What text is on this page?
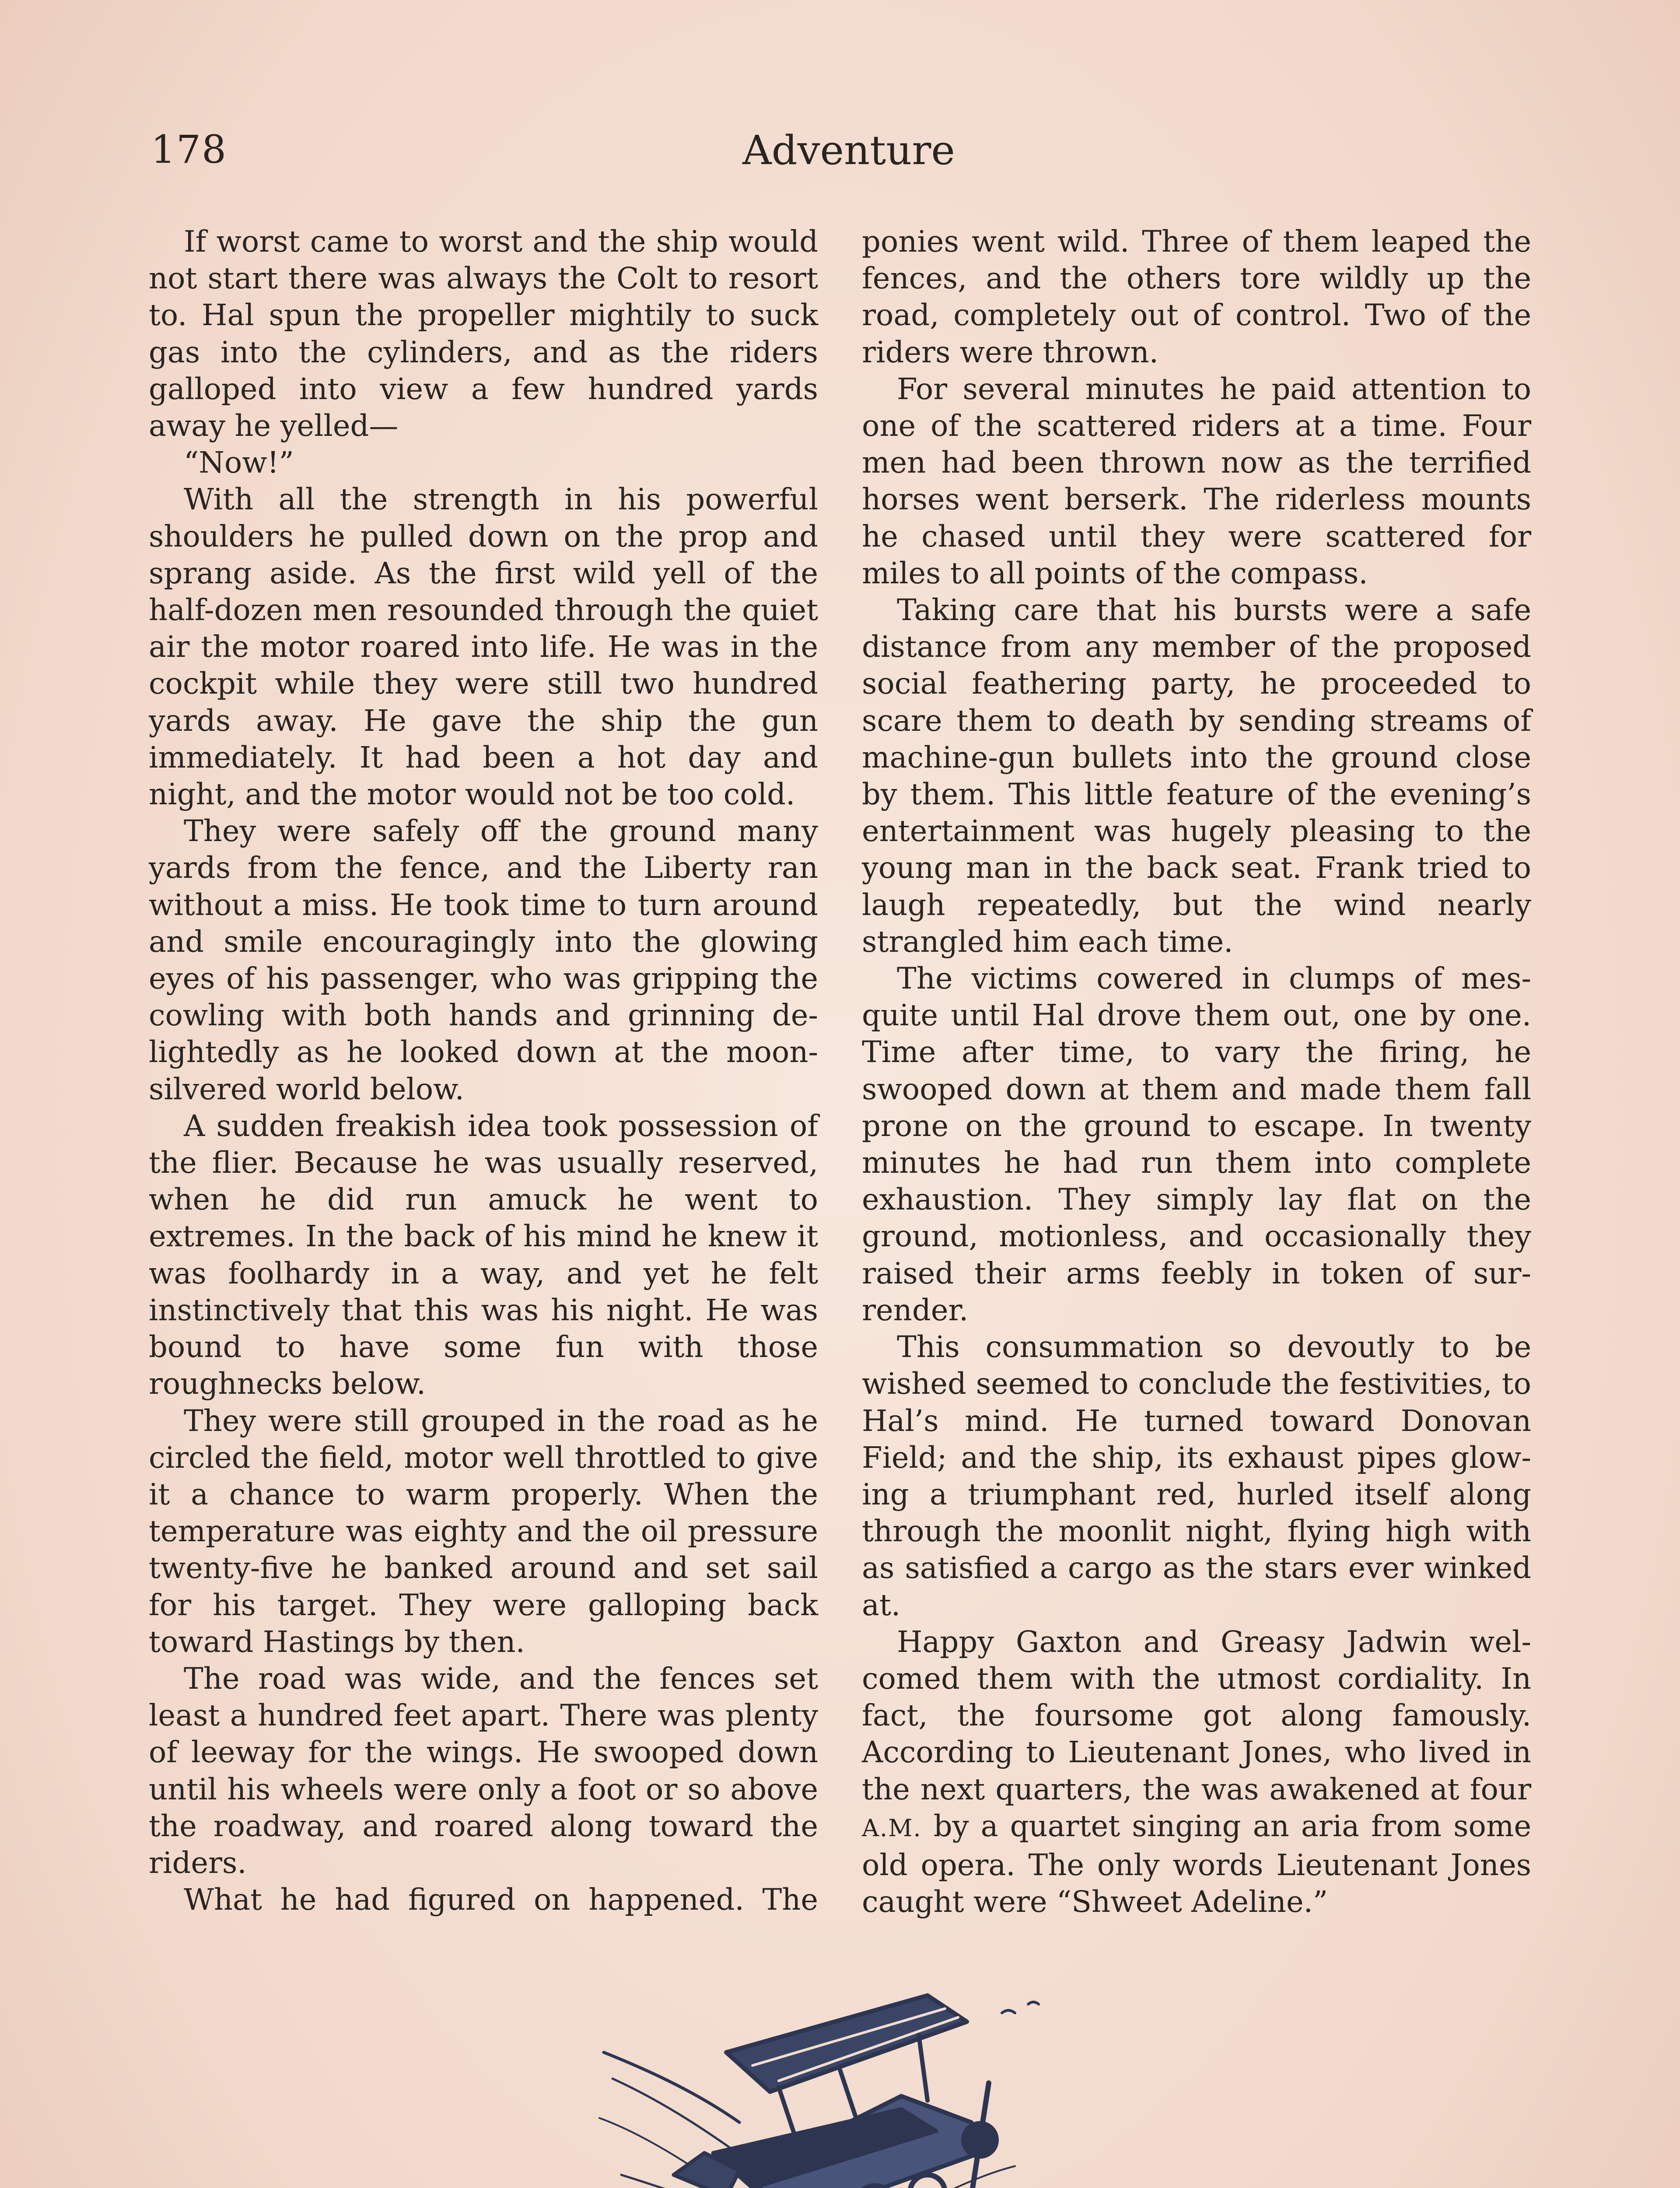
178	Adventure

If worst came to worst and the ship would not start there was always the Colt to resort to. Hal spun the propeller mightily to suck gas into the cylinders, and as the riders galloped into view a few hundred yards away he yelled—

“Now!”

With all the strength in his powerful shoulders he pulled down on the prop and sprang aside. As the first wild yell of the half-dozen men resounded through the quiet air the motor roared into life. He was in the cockpit while they were still two hundred yards away. He gave the ship the gun immediately. It had been a hot day and night, and the motor would not be too cold.

They were safely off the ground many yards from the fence, and the Liberty ran without a miss. He took time to turn around and smile encouragingly into the glowing eyes of his passenger, who was gripping the cowling with both hands and grinning delightedly as he looked down at the moonsilvered world below.

A sudden freakish idea took possession of the flier. Because he was usually reserved, when he did run amuck he went to extremes. In the back of his mind he knew it was foolhardy in a way, and yet he felt instinctively that this was his night. He was bound to have some fun with those roughnecks below.

They were still grouped in the road as he circled the field, motor well throttled to give it a chance to warm properly. When the temperature was eighty and the oil pressure twenty-five he banked around and set sail for his target. They were galloping back toward Hastings by then.

The road was wide, and the fences set least a hundred feet apart. There was plenty of leeway for the wings. He swooped down until his wheels were only a foot or so above the roadway, and roared along toward the riders.

What he had figured on happened. The

ponies went wild. Three of them leaped the fences, and the others tore wildly up the road, completely out of control. Two of the riders were thrown.

For several minutes he paid attention to one of the scattered riders at a time. Four men had been thrown now as the terrified horses went berserk. The riderless mounts he chased until they were scattered for miles to all points of the compass.

Taking care that his bursts were a safe distance from any member of the proposed social feathering party, he proceeded to scare them to death by sending streams of machine-gun bullets into the ground close by them. This little feature of the evening’s entertainment was hugely pleasing to the young man in the back seat. Frank tried to laugh repeatedly, but the wind nearly strangled him each time.

The victims cowered in clumps of mesquite until Hal drove them out, one by one. Time after time, to vary the firing, he swooped down at them and made them fall prone on the ground to escape. In twenty minutes he had run them into complete exhaustion. They simply lay flat on the ground, motionless, and occasionally they raised their arms feebly in token of surrender.

This consummation so devoutly to be wished seemed to conclude the festivities, to Hal’s mind. He turned toward Donovan Field; and the ship, its exhaust pipes glowing a triumphant red, hurled itself along through the moonlit night, flying high with as satisfied a cargo as the stars ever winked at.

Happy Gaxton and Greasy Jadwin welcomed them with the utmost cordiality. In fact, the foursome got along famously. According to Lieutenant Jones, who lived in the next quarters, the was awakened at four A.M. by a quartet singing an aria from some old opera. The only words Lieutenant Jones caught were “Shweet Adeline.”
